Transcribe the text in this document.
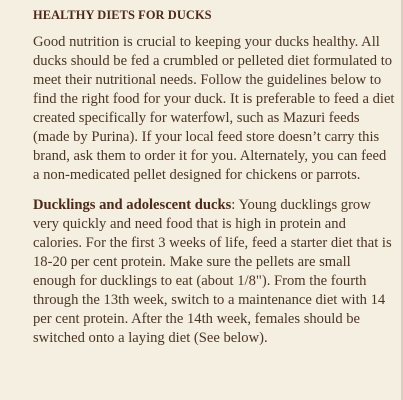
HEALTHY DIETS FOR DUCKS

Good nutrition is crucial to keeping your ducks healthy. All ducks should be fed a crumbled or pelleted diet formulated to meet their nutritional needs. Follow the guidelines below to find the right food for your duck. It is preferable to feed a diet created specifically for waterfowl, such as Mazuri feeds (made by Purina). If your local feed store doesn’t carry this brand, ask them to order it for you. Alternately, you can feed a non-medicated pellet designed for chickens or parrots.

Ducklings and adolescent ducks: Young ducklings grow very quickly and need food that is high in protein and calories. For the first 3 weeks of life, feed a starter diet that is 18-20 per cent protein. Make sure the pellets are small enough for ducklings to eat (about 1/8"). From the fourth through the 13th week, switch to a maintenance diet with 14 per cent protein. After the 14th week, females should be switched onto a laying diet (See below).
